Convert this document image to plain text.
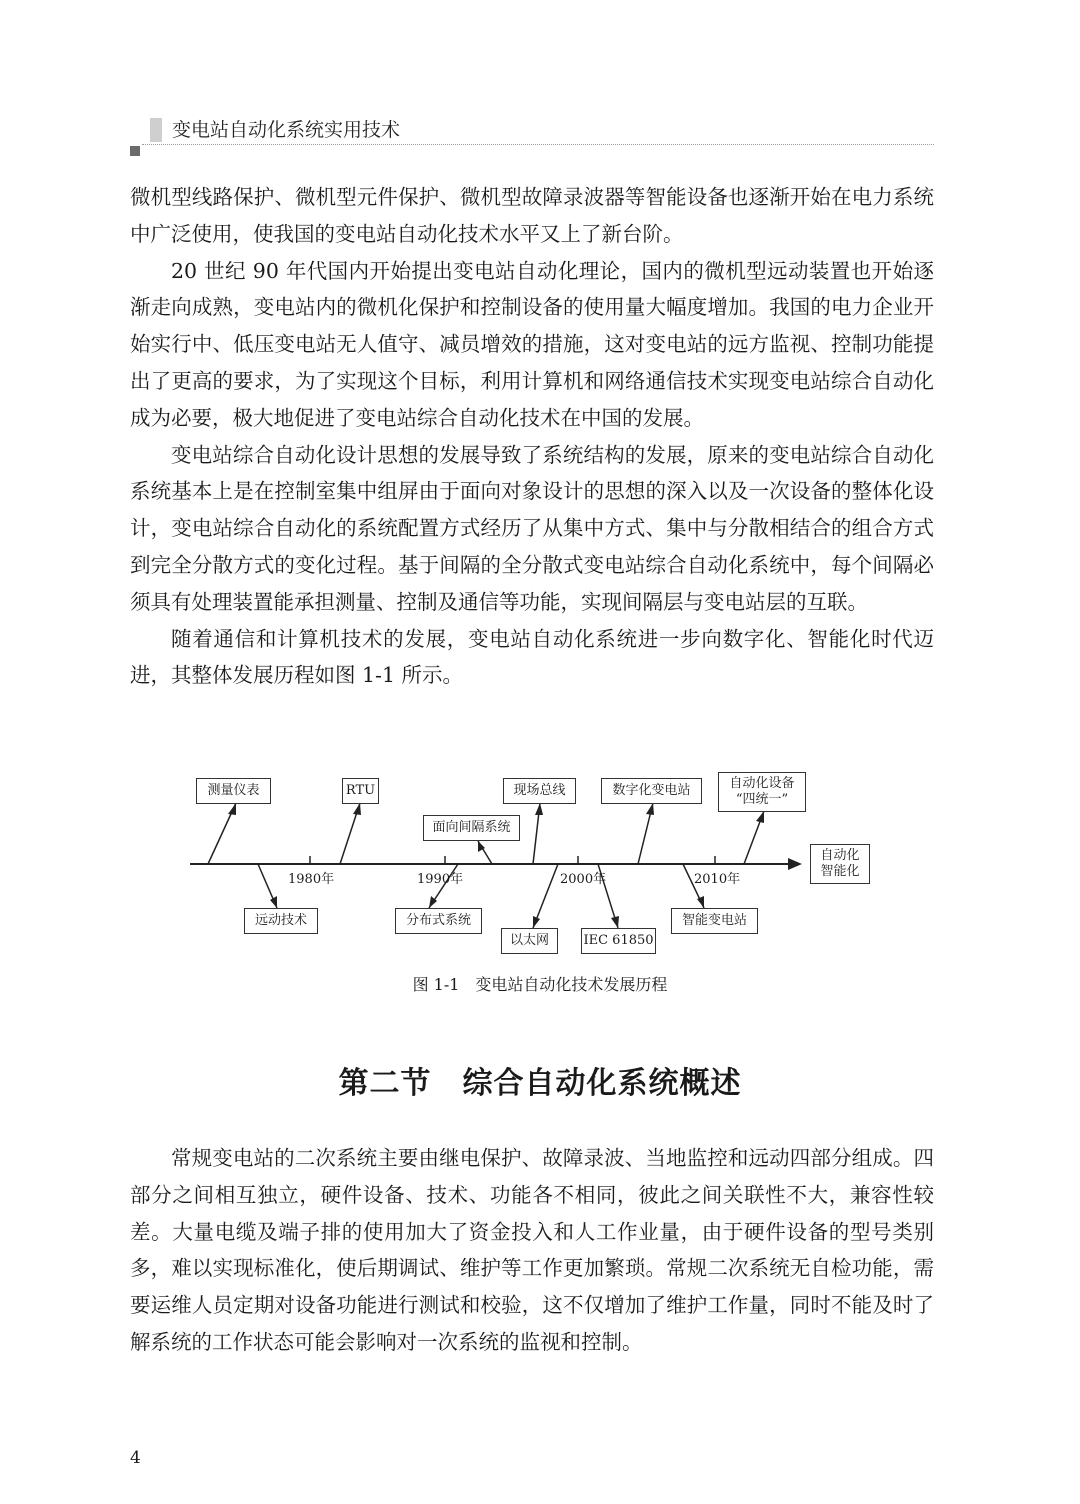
变电站自动化系统实用技术

微机型线路保护、微机型元件保护、微机型故障录波器等智能设备也逐渐开始在电力系统中广泛使用，使我国的变电站自动化技术水平又上了新台阶。

20 世纪 90 年代国内开始提出变电站自动化理论，国内的微机型远动装置也开始逐渐走向成熟，变电站内的微机化保护和控制设备的使用量大幅度增加。我国的电力企业开始实行中、低压变电站无人值守、减员增效的措施，这对变电站的远方监视、控制功能提出了更高的要求，为了实现这个目标，利用计算机和网络通信技术实现变电站综合自动化成为必要，极大地促进了变电站综合自动化技术在中国的发展。

变电站综合自动化设计思想的发展导致了系统结构的发展，原来的变电站综合自动化系统基本上是在控制室集中组屏由于面向对象设计的思想的深入以及一次设备的整体化设计，变电站综合自动化的系统配置方式经历了从集中方式、集中与分散相结合的组合方式到完全分散方式的变化过程。基于间隔的全分散式变电站综合自动化系统中，每个间隔必须具有处理装置能承担测量、控制及通信等功能，实现间隔层与变电站层的互联。

随着通信和计算机技术的发展，变电站自动化系统进一步向数字化、智能化时代迈进，其整体发展历程如图 1-1 所示。

1980年	1990年	2000年	2010年
测量仪表	RTU
面向间隔系统
现场总线	数字化变电站	自动化设备
“四统一”
远动技术	分布式系统
以太网	IEC 61850
智能变电站
自动化
智能化
图 1-1　变电站自动化技术发展历程
第二节　综合自动化系统概述

常规变电站的二次系统主要由继电保护、故障录波、当地监控和远动四部分组成。四部分之间相互独立，硬件设备、技术、功能各不相同，彼此之间关联性不大，兼容性较差。大量电缆及端子排的使用加大了资金投入和人工作业量，由于硬件设备的型号类别多，难以实现标准化，使后期调试、维护等工作更加繁琐。常规二次系统无自检功能，需要运维人员定期对设备功能进行测试和校验，这不仅增加了维护工作量，同时不能及时了解系统的工作状态可能会影响对一次系统的监视和控制。

4
